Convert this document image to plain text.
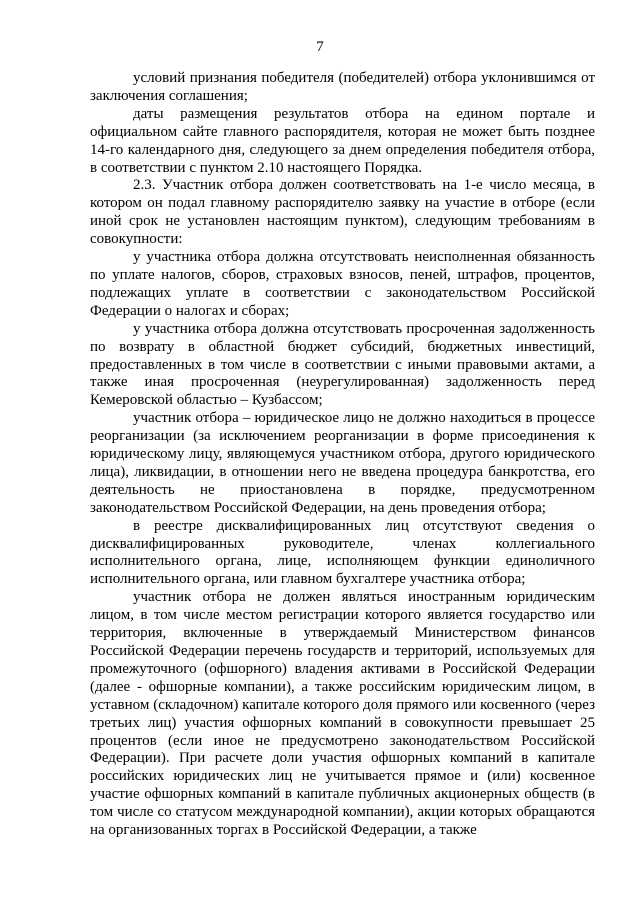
7

условий признания победителя (победителей) отбора уклонившимся от заключения соглашения;

даты размещения результатов отбора на едином портале и официальном сайте главного распорядителя, которая не может быть позднее 14-го календарного дня, следующего за днем определения победителя отбора, в соответствии с пунктом 2.10 настоящего Порядка.

2.3. Участник отбора должен соответствовать на 1-е число месяца, в котором он подал главному распорядителю заявку на участие в отборе (если иной срок не установлен настоящим пунктом), следующим требованиям в совокупности:

у участника отбора должна отсутствовать неисполненная обязанность по уплате налогов, сборов, страховых взносов, пеней, штрафов, процентов, подлежащих уплате в соответствии с законодательством Российской Федерации о налогах и сборах;

у участника отбора должна отсутствовать просроченная задолженность по возврату в областной бюджет субсидий, бюджетных инвестиций, предоставленных в том числе в соответствии с иными правовыми актами, а также иная просроченная (неурегулированная) задолженность перед Кемеровской областью – Кузбассом;

участник отбора – юридическое лицо не должно находиться в процессе реорганизации (за исключением реорганизации в форме присоединения к юридическому лицу, являющемуся участником отбора, другого юридического лица), ликвидации, в отношении него не введена процедура банкротства, его деятельность не приостановлена в порядке, предусмотренном законодательством Российской Федерации, на день проведения отбора;

в реестре дисквалифицированных лиц отсутствуют сведения о дисквалифицированных руководителе, членах коллегиального исполнительного органа, лице, исполняющем функции единоличного исполнительного органа, или главном бухгалтере участника отбора;

участник отбора не должен являться иностранным юридическим лицом, в том числе местом регистрации которого является государство или территория, включенные в утверждаемый Министерством финансов Российской Федерации перечень государств и территорий, используемых для промежуточного (офшорного) владения активами в Российской Федерации (далее - офшорные компании), а также российским юридическим лицом, в уставном (складочном) капитале которого доля прямого или косвенного (через третьих лиц) участия офшорных компаний в совокупности превышает 25 процентов (если иное не предусмотрено законодательством Российской Федерации). При расчете доли участия офшорных компаний в капитале российских юридических лиц не учитывается прямое и (или) косвенное участие офшорных компаний в капитале публичных акционерных обществ (в том числе со статусом международной компании), акции которых обращаются на организованных торгах в Российской Федерации, а также
